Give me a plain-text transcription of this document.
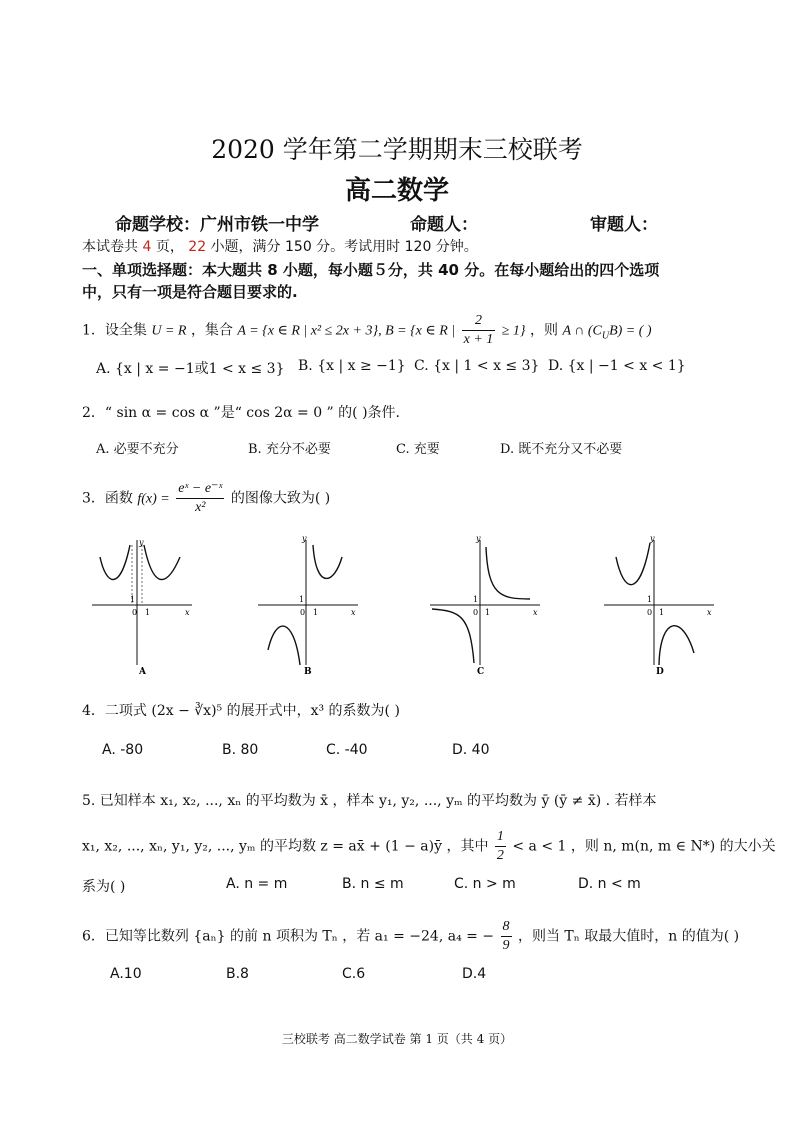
2020 学年第二学期期末三校联考
高二数学
命题学校：广州市铁一中学	命题人：	审题人：
本试卷共 4 页， 22 小题，满分 150 分。考试用时 120 分钟。
一、单项选择题：本大题共 8 小题，每小题５分，共 40 分。在每小题给出的四个选项
中，只有一项是符合题目要求的.
1．设全集 U = R ，集合 A = {x ∈ R | x² ≤ 2x + 3}, B = {x ∈ R | $\frac{2}{x + 1} \ge 1$} ，则 A ∩ $(C_UB)$ = ( )
A. {x | x = −1或1 < x ≤ 3} B. {x | x ≥ −1} C. {x | 1 < x ≤ 3} D. {x | −1 < x < 1}
2．“ sin α = cos α ”是“ cos 2α = 0 ” 的( )条件.
A. 必要不充分	B. 充分不必要	C. 充要	D. 既不充分又不必要
3．函数 $f(x) = \frac{\text{eˣ − e⁻ˣ}}{\text{x²}}$ 的图像大致为( )
1
0 1	x
y
A
1
0 1	x
y
B
1
0 1	x
y
C
1
0 1	x
y
D
4．二项式 (2x − ∛x)⁵ 的展开式中，x³ 的系数为( )
A. -80	B. 80	C. -40	D. 40
5. 已知样本 x₁, x₂, ..., xₙ 的平均数为 x̄ ，样本 y₁, y₂, ..., yₘ 的平均数为 ȳ (ȳ ≠ x̄) . 若样本
x₁, x₂, ..., xₙ, y₁, y₂, ..., yₘ 的平均数 z = ax̄ + (1 − a)ȳ ，其中 $\frac{1}{2} < a < 1$ ，则 n, m(n, m ∈ N*) 的大小关
系为( )	A. n = m	B. n ≤ m	C. n > m	D. n < m
6．已知等比数列 {aₙ} 的前 n 项积为 Tₙ ，若 a₁ = −24, a₄ = − $\frac{8}{9}$ ，则当 Tₙ 取最大值时，n 的值为( )
A.10	B.8	C.6	D.4
三校联考 高二数学试卷 第 1 页（共 4 页）
